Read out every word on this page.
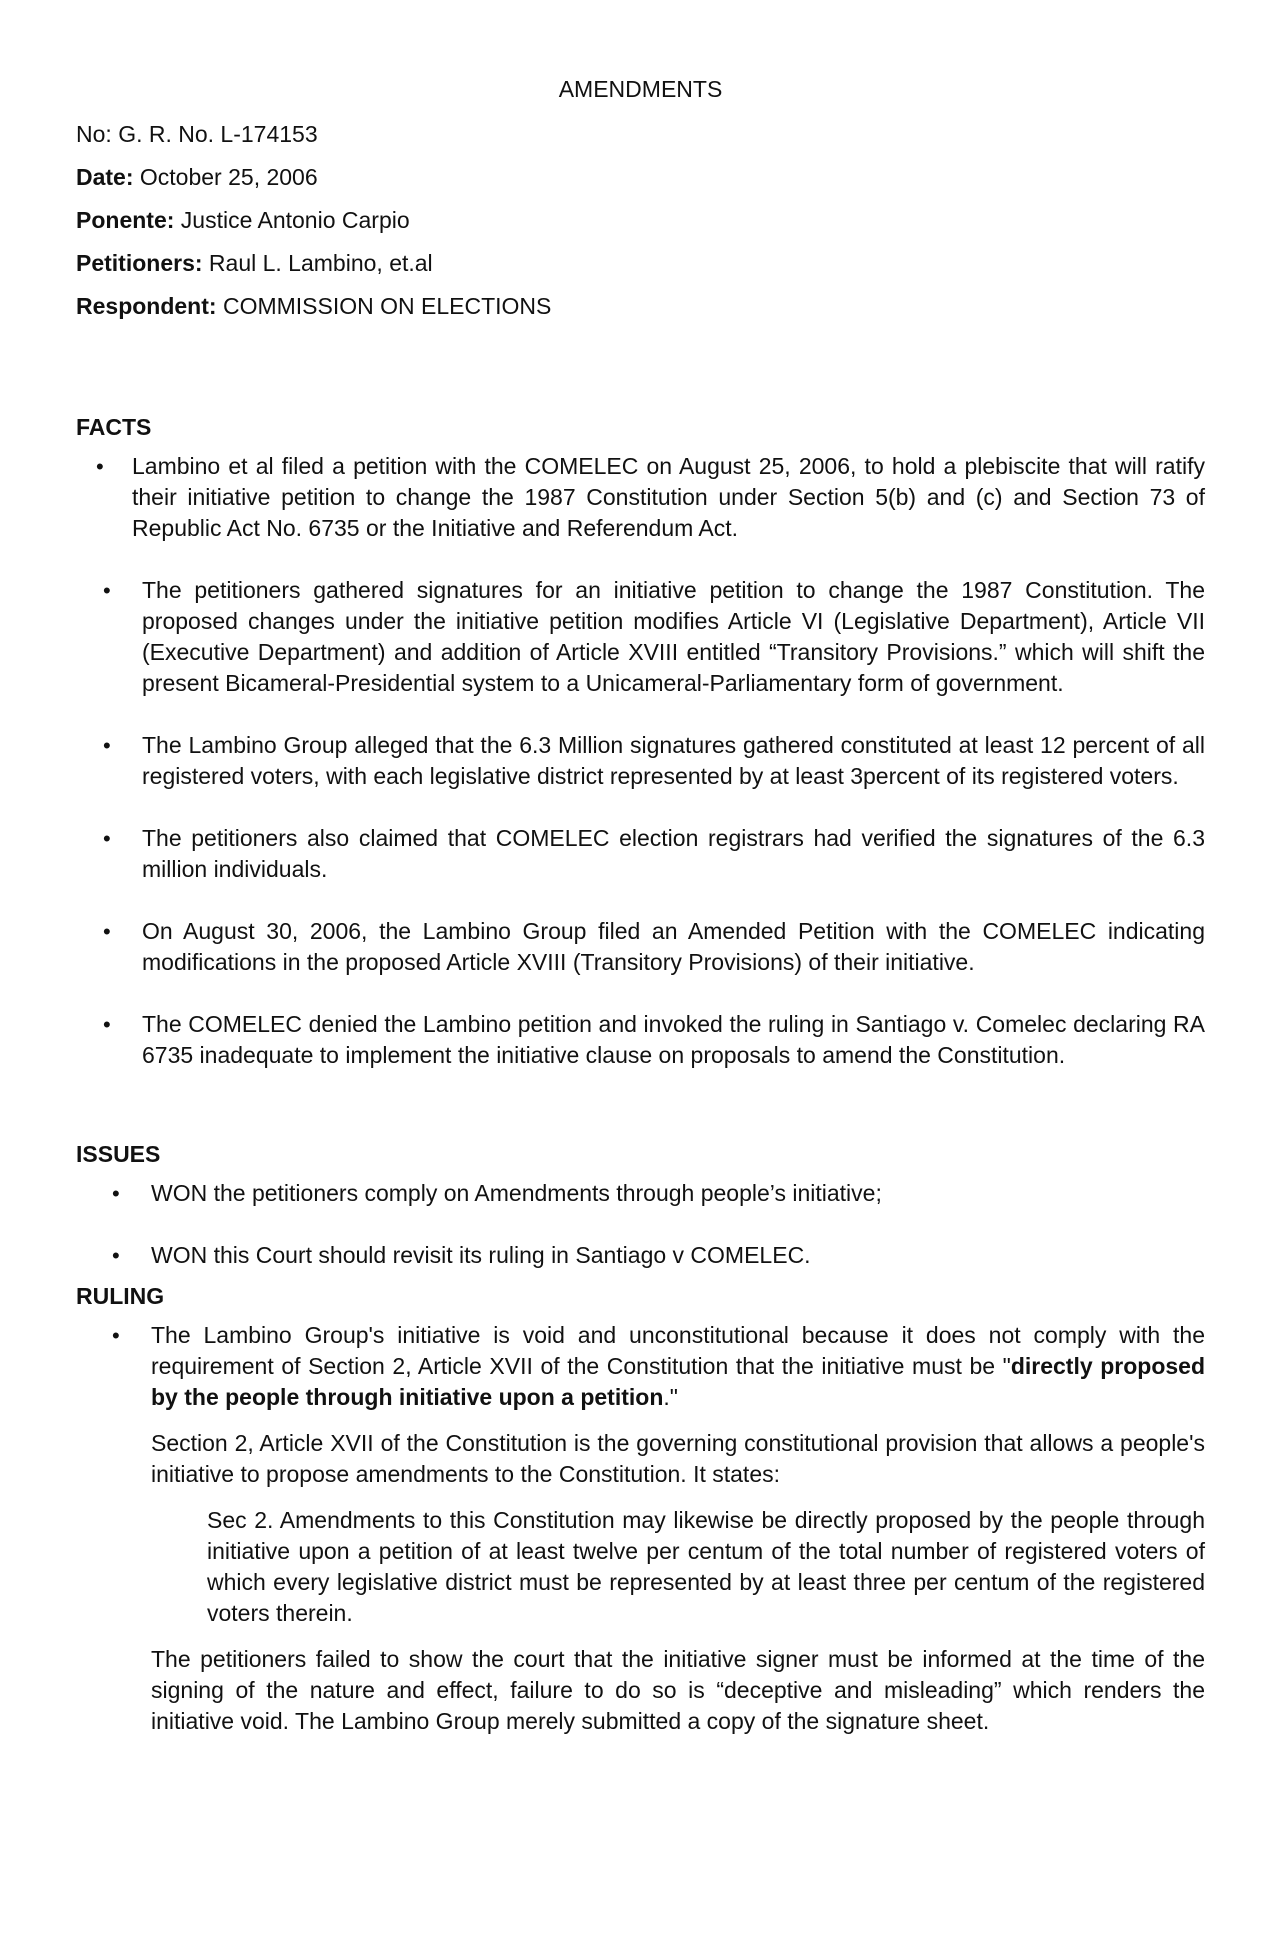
AMENDMENTS
No: G. R. No. L-174153
Date: October 25, 2006
Ponente: Justice Antonio Carpio
Petitioners: Raul L. Lambino, et.al
Respondent: COMMISSION ON ELECTIONS
FACTS
• Lambino et al filed a petition with the COMELEC on August 25, 2006, to hold a plebiscite that will ratify their initiative petition to change the 1987 Constitution under Section 5(b) and (c) and Section 73 of Republic Act No. 6735 or the Initiative and Referendum Act.
• The petitioners gathered signatures for an initiative petition to change the 1987 Constitution. The proposed changes under the initiative petition modifies Article VI (Legislative Department), Article VII (Executive Department) and addition of Article XVIII entitled “Transitory Provisions.” which will shift the present Bicameral-Presidential system to a Unicameral-Parliamentary form of government.
• The Lambino Group alleged that the 6.3 Million signatures gathered constituted at least 12 percent of all registered voters, with each legislative district represented by at least 3percent of its registered voters.
• The petitioners also claimed that COMELEC election registrars had verified the signatures of the 6.3 million individuals.
• On August 30, 2006, the Lambino Group filed an Amended Petition with the COMELEC indicating modifications in the proposed Article XVIII (Transitory Provisions) of their initiative.
• The COMELEC denied the Lambino petition and invoked the ruling in Santiago v. Comelec declaring RA 6735 inadequate to implement the initiative clause on proposals to amend the Constitution.
ISSUES
• WON the petitioners comply on Amendments through people’s initiative;
• WON this Court should revisit its ruling in Santiago v COMELEC.
RULING
• The Lambino Group's initiative is void and unconstitutional because it does not comply with the requirement of Section 2, Article XVII of the Constitution that the initiative must be "directly proposed by the people through initiative upon a petition."
Section 2, Article XVII of the Constitution is the governing constitutional provision that allows a people's initiative to propose amendments to the Constitution. It states:
Sec 2. Amendments to this Constitution may likewise be directly proposed by the people through initiative upon a petition of at least twelve per centum of the total number of registered voters of which every legislative district must be represented by at least three per centum of the registered voters therein.
The petitioners failed to show the court that the initiative signer must be informed at the time of the signing of the nature and effect, failure to do so is “deceptive and misleading” which renders the initiative void. The Lambino Group merely submitted a copy of the signature sheet.
